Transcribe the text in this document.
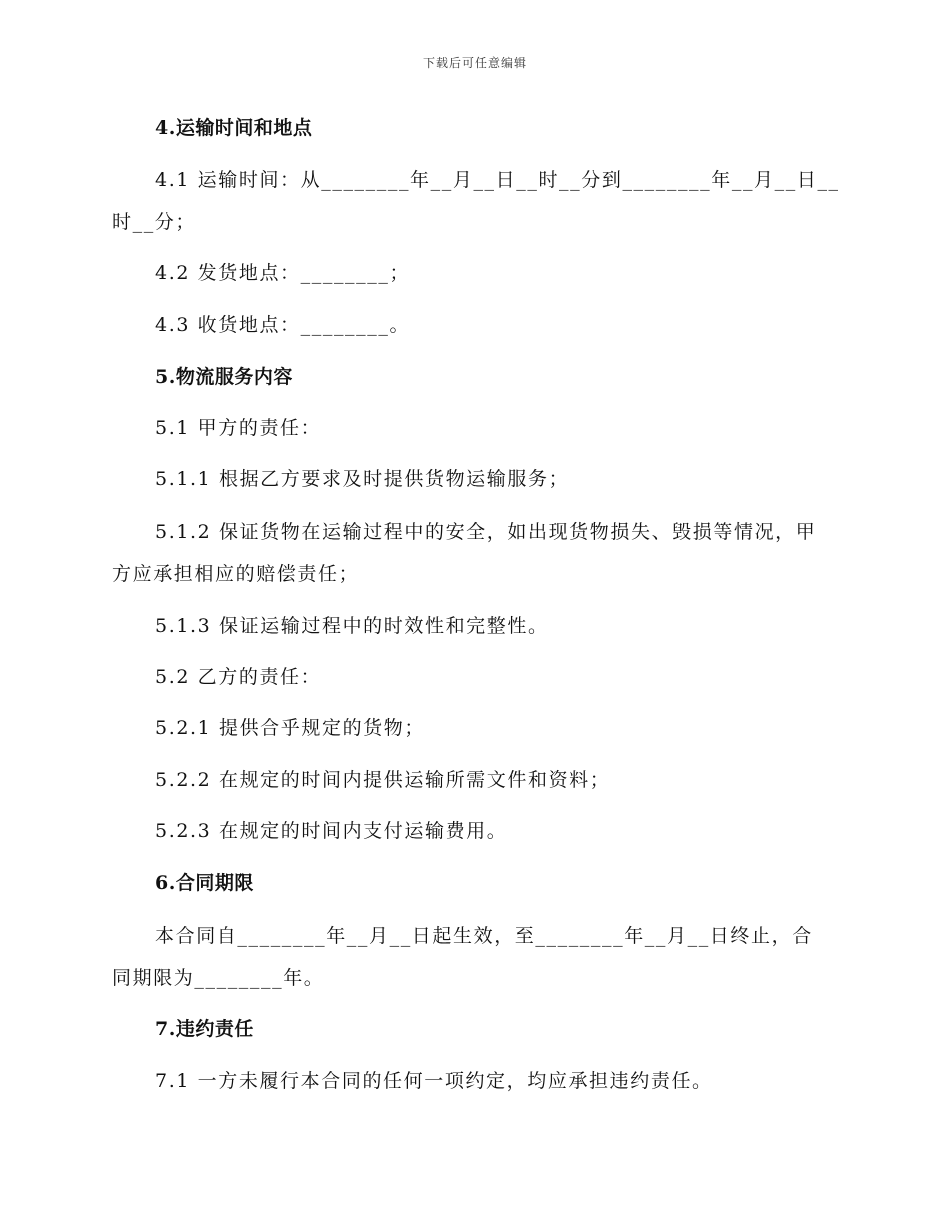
下载后可任意编辑
4.运输时间和地点
4.1 运输时间：从________年__月__日__时__分到________年__月__日__
时__分；
4.2 发货地点：________；
4.3 收货地点：________。
5.物流服务内容
5.1 甲方的责任：
5.1.1 根据乙方要求及时提供货物运输服务；
5.1.2 保证货物在运输过程中的安全，如出现货物损失、毁损等情况，甲
方应承担相应的赔偿责任；
5.1.3 保证运输过程中的时效性和完整性。
5.2 乙方的责任：
5.2.1 提供合乎规定的货物；
5.2.2 在规定的时间内提供运输所需文件和资料；
5.2.3 在规定的时间内支付运输费用。
6.合同期限
本合同自________年__月__日起生效，至________年__月__日终止，合
同期限为________年。
7.违约责任
7.1 一方未履行本合同的任何一项约定，均应承担违约责任。
